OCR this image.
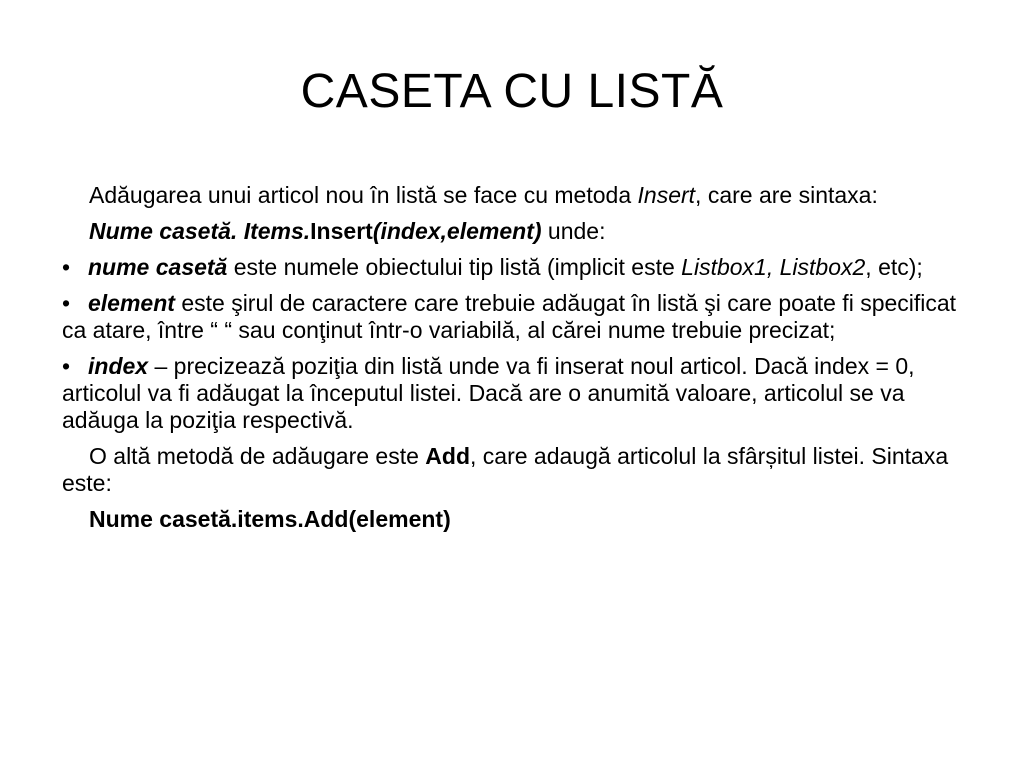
CASETA CU LISTĂ

Adăugarea unui articol nou în listă se face cu metoda Insert, care are sintaxa:

Nume casetă. Items.Insert(index,element) unde:

• nume casetă este numele obiectului tip listă (implicit este Listbox1, Listbox2, etc);

• element este şirul de caractere care trebuie adăugat în listă şi care poate fi specificat ca atare, între “ “ sau conţinut într-o variabilă, al cărei nume trebuie precizat;

• index – precizează poziţia din listă unde va fi inserat noul articol. Dacă index = 0, articolul va fi adăugat la începutul listei. Dacă are o anumită valoare, articolul se va adăuga la poziţia respectivă.

O altă metodă de adăugare este Add, care adaugă articolul la sfârșitul listei. Sintaxa este:

Nume casetă.items.Add(element)
